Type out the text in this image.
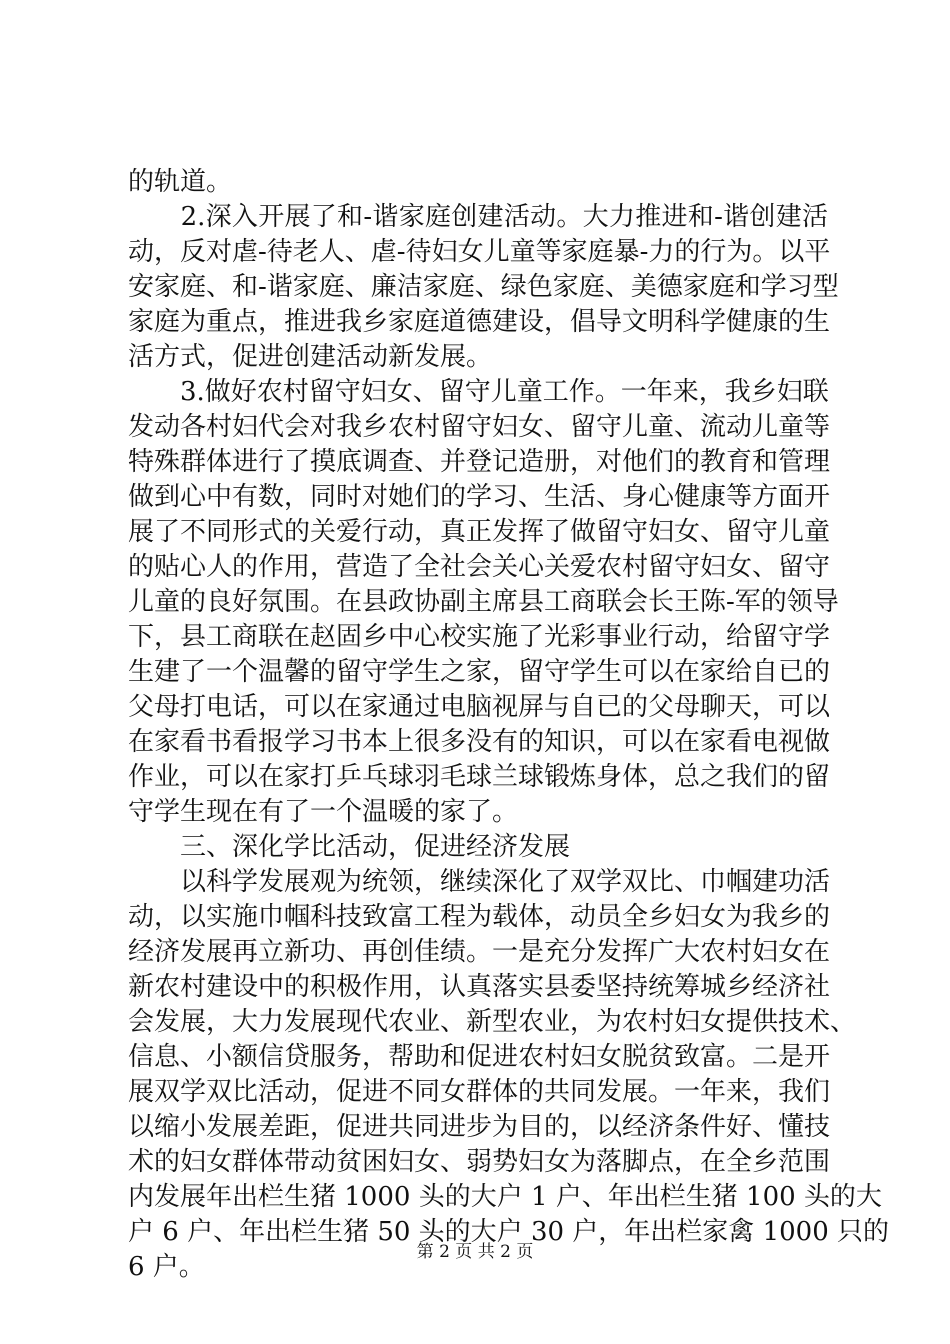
的轨道。
　　2.深入开展了和-谐家庭创建活动。大力推进和-谐创建活
动，反对虐-待老人、虐-待妇女儿童等家庭暴-力的行为。以平
安家庭、和-谐家庭、廉洁家庭、绿色家庭、美德家庭和学习型
家庭为重点，推进我乡家庭道德建设，倡导文明科学健康的生
活方式，促进创建活动新发展。
　　3.做好农村留守妇女、留守儿童工作。一年来，我乡妇联
发动各村妇代会对我乡农村留守妇女、留守儿童、流动儿童等
特殊群体进行了摸底调查、并登记造册，对他们的教育和管理
做到心中有数，同时对她们的学习、生活、身心健康等方面开
展了不同形式的关爱行动，真正发挥了做留守妇女、留守儿童
的贴心人的作用，营造了全社会关心关爱农村留守妇女、留守
儿童的良好氛围。在县政协副主席县工商联会长王陈-军的领导
下，县工商联在赵固乡中心校实施了光彩事业行动，给留守学
生建了一个温馨的留守学生之家，留守学生可以在家给自已的
父母打电话，可以在家通过电脑视屏与自已的父母聊天，可以
在家看书看报学习书本上很多没有的知识，可以在家看电视做
作业，可以在家打乒乓球羽毛球兰球锻炼身体，总之我们的留
守学生现在有了一个温暖的家了。
　　三、深化学比活动，促进经济发展
　　以科学发展观为统领，继续深化了双学双比、巾帼建功活
动，以实施巾帼科技致富工程为载体，动员全乡妇女为我乡的
经济发展再立新功、再创佳绩。一是充分发挥广大农村妇女在
新农村建设中的积极作用，认真落实县委坚持统筹城乡经济社
会发展，大力发展现代农业、新型农业，为农村妇女提供技术、
信息、小额信贷服务，帮助和促进农村妇女脱贫致富。二是开
展双学双比活动，促进不同女群体的共同发展。一年来，我们
以缩小发展差距，促进共同进步为目的，以经济条件好、懂技
术的妇女群体带动贫困妇女、弱势妇女为落脚点，在全乡范围
内发展年出栏生猪 1000 头的大户 1 户、年出栏生猪 100 头的大
户 6 户、年出栏生猪 50 头的大户 30 户，年出栏家禽 1000 只的
6 户。	第 2 页 共 2 页
